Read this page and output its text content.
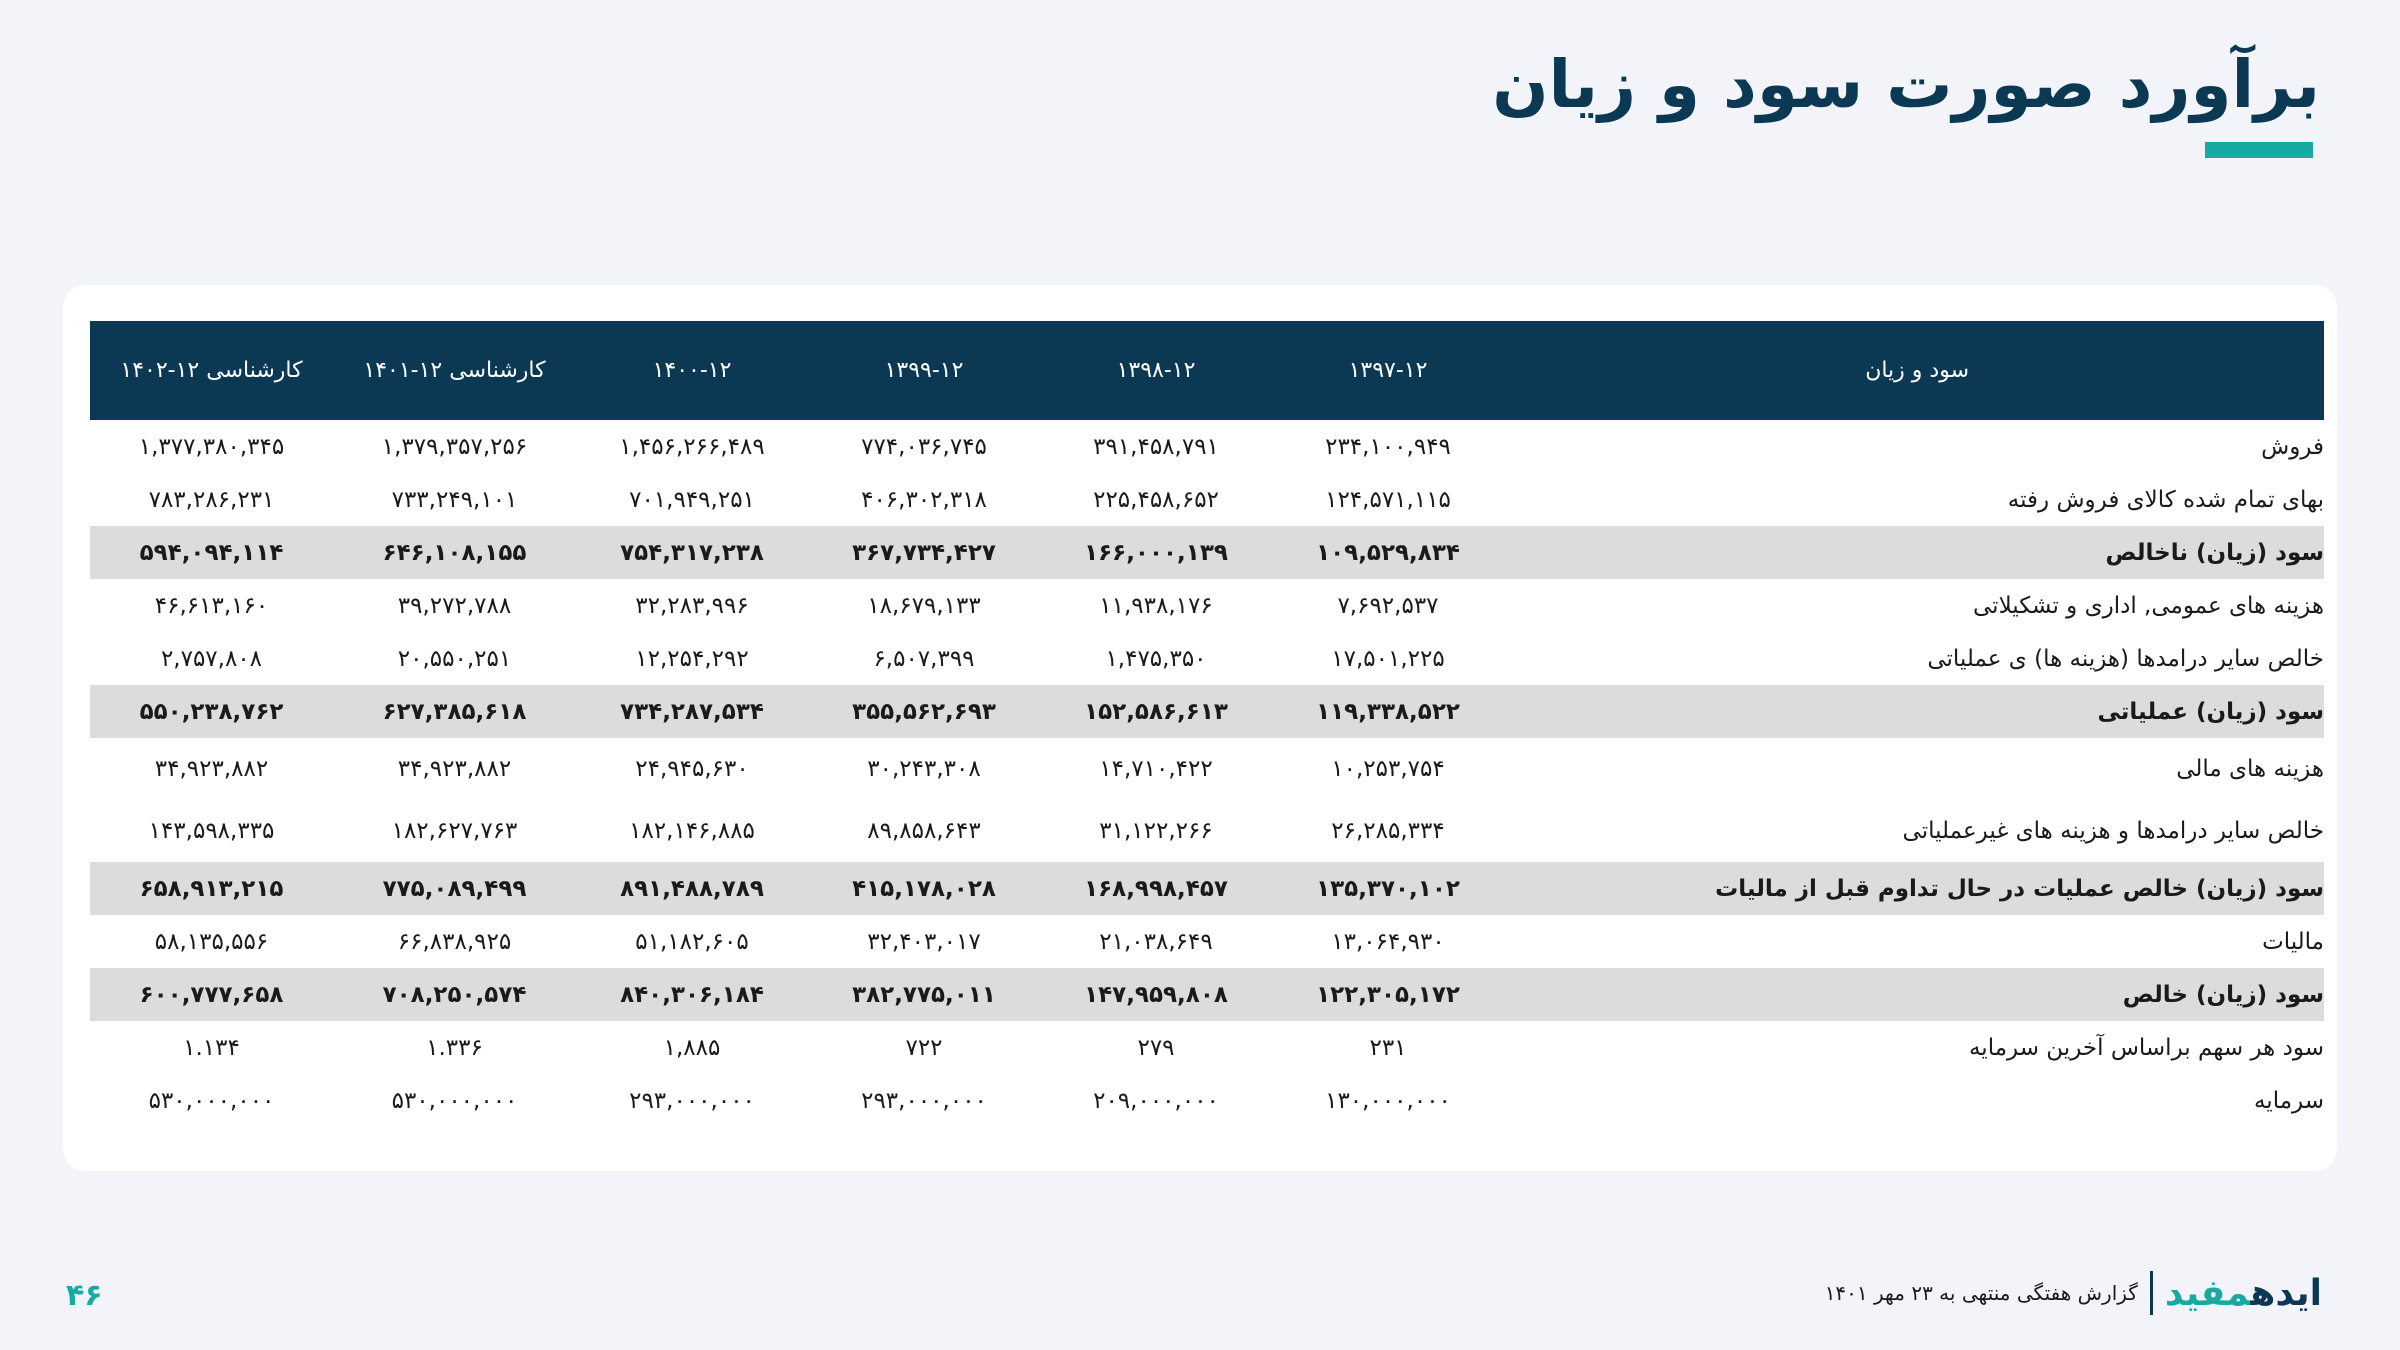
برآورد صورت سود و زیان
سود و زیان	۱۳۹۷-۱۲	۱۳۹۸-۱۲	۱۳۹۹-۱۲	۱۴۰۰-۱۲	کارشناسی ۱۲-۱۴۰۱	کارشناسی ۱۲-۱۴۰۲
فروش	۲۳۴,۱۰۰,۹۴۹	۳۹۱,۴۵۸,۷۹۱	۷۷۴,۰۳۶,۷۴۵	۱,۴۵۶,۲۶۶,۴۸۹	۱,۳۷۹,۳۵۷,۲۵۶	۱,۳۷۷,۳۸۰,۳۴۵
بهای تمام شده کالای فروش رفته	۱۲۴,۵۷۱,۱۱۵	۲۲۵,۴۵۸,۶۵۲	۴۰۶,۳۰۲,۳۱۸	۷۰۱,۹۴۹,۲۵۱	۷۳۳,۲۴۹,۱۰۱	۷۸۳,۲۸۶,۲۳۱
سود (زیان) ناخالص	۱۰۹,۵۲۹,۸۳۴	۱۶۶,۰۰۰,۱۳۹	۳۶۷,۷۳۴,۴۲۷	۷۵۴,۳۱۷,۲۳۸	۶۴۶,۱۰۸,۱۵۵	۵۹۴,۰۹۴,۱۱۴
هزینه های عمومی, اداری و تشکیلاتی	۷,۶۹۲,۵۳۷	۱۱,۹۳۸,۱۷۶	۱۸,۶۷۹,۱۳۳	۳۲,۲۸۳,۹۹۶	۳۹,۲۷۲,۷۸۸	۴۶,۶۱۳,۱۶۰
خالص سایر درامدها (هزینه ها) ی عملیاتی	۱۷,۵۰۱,۲۲۵	۱,۴۷۵,۳۵۰	۶,۵۰۷,۳۹۹	۱۲,۲۵۴,۲۹۲	۲۰,۵۵۰,۲۵۱	۲,۷۵۷,۸۰۸
سود (زیان) عملیاتی	۱۱۹,۳۳۸,۵۲۲	۱۵۲,۵۸۶,۶۱۳	۳۵۵,۵۶۲,۶۹۳	۷۳۴,۲۸۷,۵۳۴	۶۲۷,۳۸۵,۶۱۸	۵۵۰,۲۳۸,۷۶۲
هزینه های مالی	۱۰,۲۵۳,۷۵۴	۱۴,۷۱۰,۴۲۲	۳۰,۲۴۳,۳۰۸	۲۴,۹۴۵,۶۳۰	۳۴,۹۲۳,۸۸۲	۳۴,۹۲۳,۸۸۲
خالص سایر درامدها و هزینه های غیرعملیاتی	۲۶,۲۸۵,۳۳۴	۳۱,۱۲۲,۲۶۶	۸۹,۸۵۸,۶۴۳	۱۸۲,۱۴۶,۸۸۵	۱۸۲,۶۲۷,۷۶۳	۱۴۳,۵۹۸,۳۳۵
سود (زیان) خالص عملیات در حال تداوم قبل از مالیات	۱۳۵,۳۷۰,۱۰۲	۱۶۸,۹۹۸,۴۵۷	۴۱۵,۱۷۸,۰۲۸	۸۹۱,۴۸۸,۷۸۹	۷۷۵,۰۸۹,۴۹۹	۶۵۸,۹۱۳,۲۱۵
مالیات	۱۳,۰۶۴,۹۳۰	۲۱,۰۳۸,۶۴۹	۳۲,۴۰۳,۰۱۷	۵۱,۱۸۲,۶۰۵	۶۶,۸۳۸,۹۲۵	۵۸,۱۳۵,۵۵۶
سود (زیان) خالص	۱۲۲,۳۰۵,۱۷۲	۱۴۷,۹۵۹,۸۰۸	۳۸۲,۷۷۵,۰۱۱	۸۴۰,۳۰۶,۱۸۴	۷۰۸,۲۵۰,۵۷۴	۶۰۰,۷۷۷,۶۵۸
سود هر سهم براساس آخرین سرمایه	۲۳۱	۲۷۹	۷۲۲	۱,۸۸۵	۱.۳۳۶	۱.۱۳۴
سرمایه	۱۳۰,۰۰۰,۰۰۰	۲۰۹,۰۰۰,۰۰۰	۲۹۳,۰۰۰,۰۰۰	۲۹۳,۰۰۰,۰۰۰	۵۳۰,۰۰۰,۰۰۰	۵۳۰,۰۰۰,۰۰۰
۴۶	ایدهمفید
گزارش هفتگی منتهی به ۲۳ مهر ۱۴۰۱
